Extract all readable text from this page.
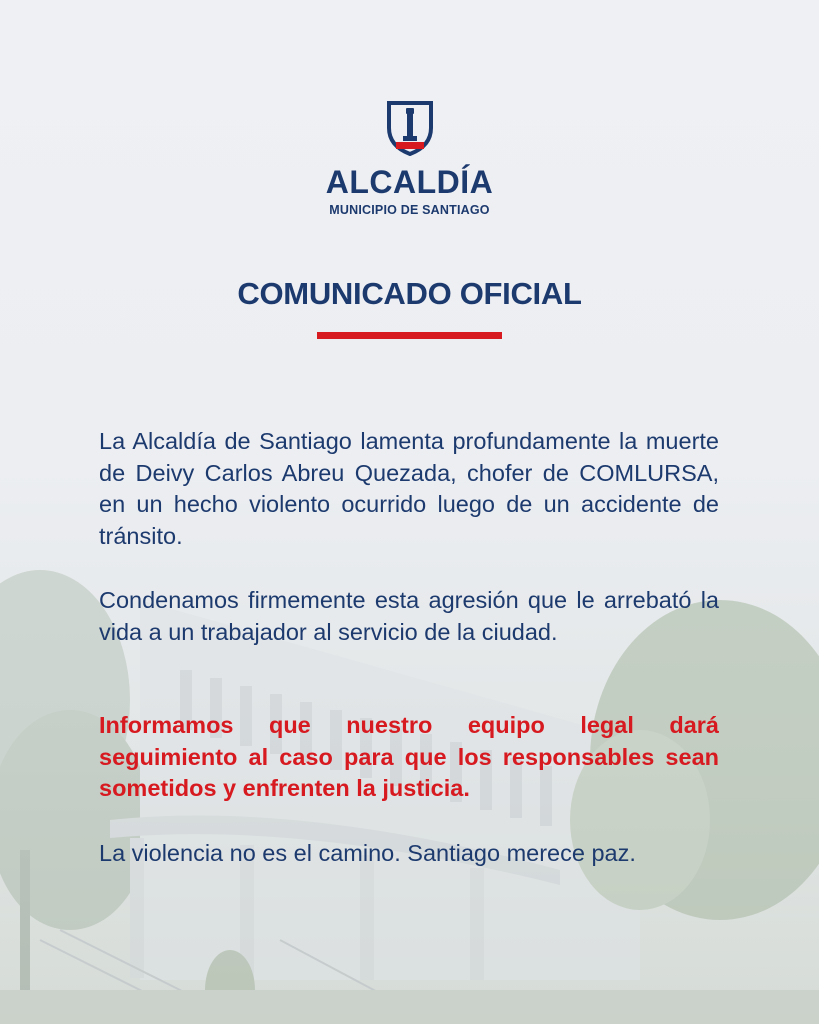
ALCALDÍA
MUNICIPIO DE SANTIAGO
COMUNICADO OFICIAL

La Alcaldía de Santiago lamenta profundamente la muerte de Deivy Carlos Abreu Quezada, chofer de COMLURSA, en un hecho violento ocurrido luego de un accidente de tránsito.

Condenamos firmemente esta agresión que le arrebató la vida a un trabajador al servicio de la ciudad.

Informamos que nuestro equipo legal dará seguimiento al caso para que los responsables sean sometidos y enfrenten la justicia.

La violencia no es el camino. Santiago merece paz.
